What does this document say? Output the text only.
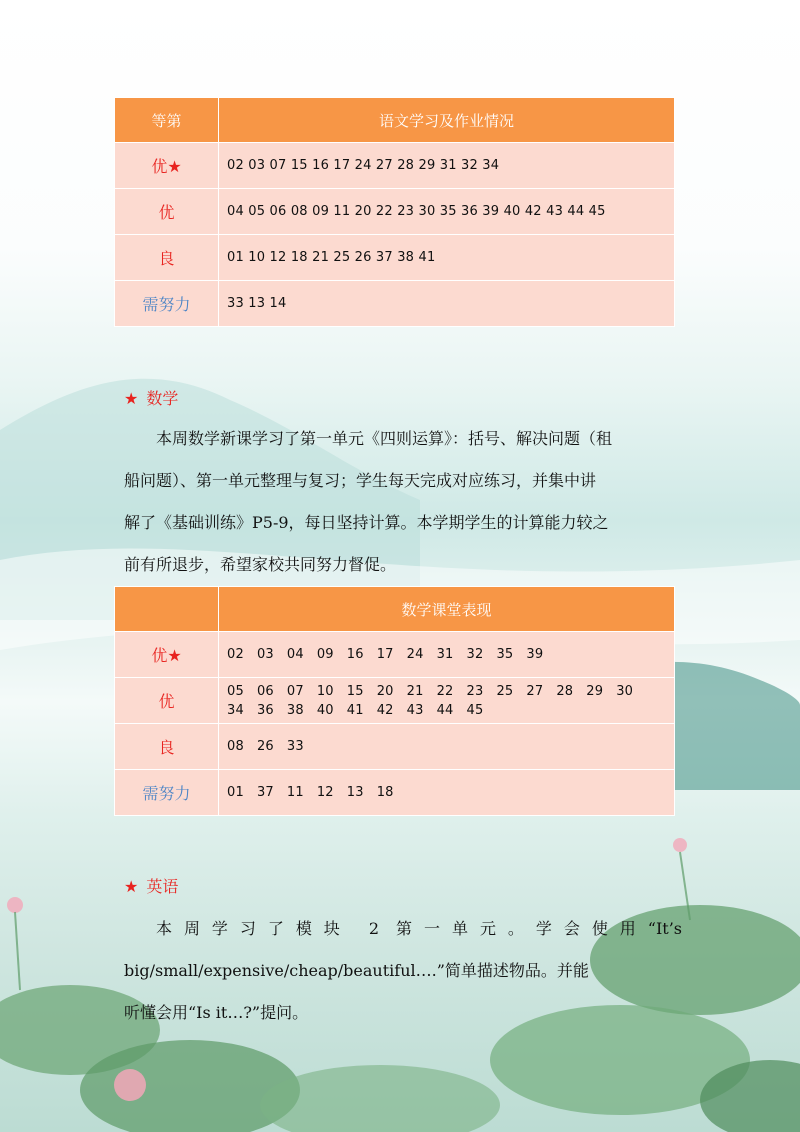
等第	语文学习及作业情况
优★	02 03 07 15 16 17 24 27 28 29 31 32 34
优	04 05 06 08 09 11 20 22 23 30 35 36 39 40 42 43 44 45
良	01 10 12 18 21 25 26 37 38 41
需努力	33 13 14
★ 数学
本周数学新课学习了第一单元《四则运算》：括号、解决问题（租
船问题）、第一单元整理与复习；学生每天完成对应练习，并集中讲
解了《基础训练》P5-9，每日坚持计算。本学期学生的计算能力较之
前有所退步，希望家校共同努力督促。
	数学课堂表现
优★	02   03   04   09   16   17   24   31   32   35   39
优	05   06   07   10   15   20   21   22   23   25   27   28   29   30
34   36   38   40   41   42   43   44   45
良	08   26   33
需努力	01   37   11   12   13   18
★ 英语
本周学习了模块 2 第一单元。学会使用“It’s
big/small/expensive/cheap/beautiful….”简单描述物品。并能
听懂会用“Is it…?”提问。
